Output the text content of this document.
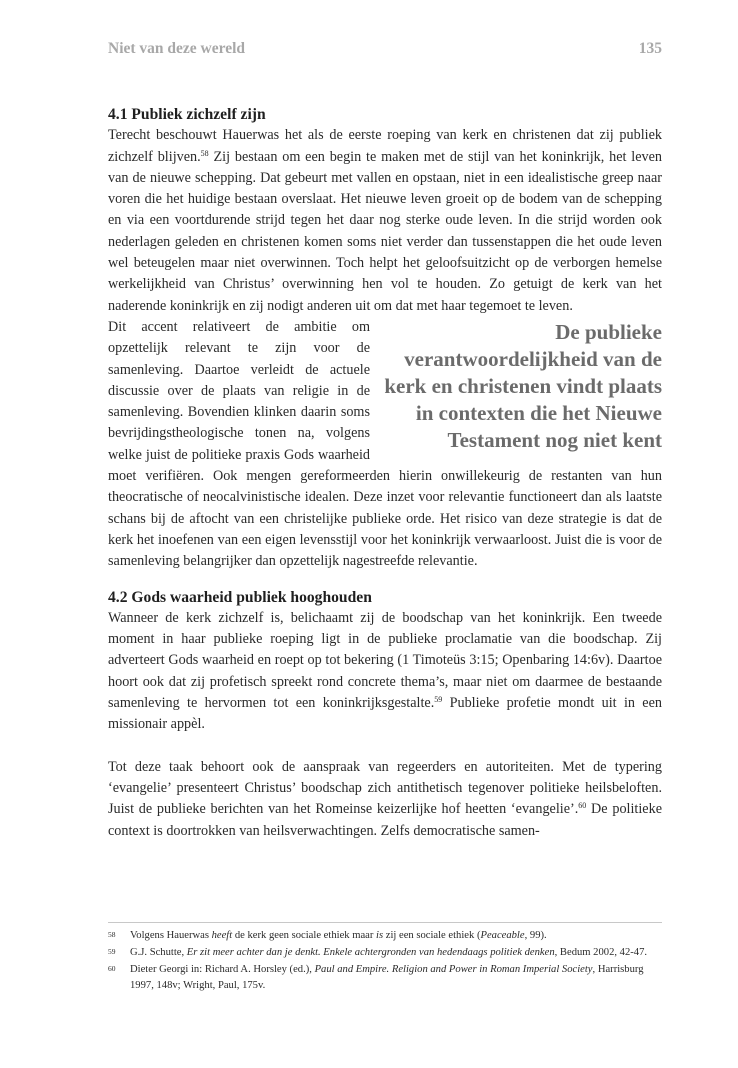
Niet van deze wereld	135
4.1 Publiek zichzelf zijn

Terecht beschouwt Hauerwas het als de eerste roeping van kerk en christenen dat zij publiek zichzelf blijven.$^{58}$ Zij bestaan om een begin te maken met de stijl van het koninkrijk, het leven van de nieuwe schepping. Dat gebeurt met vallen en opstaan, niet in een idealistische greep naar voren die het huidige bestaan overslaat. Het nieuwe leven groeit op de bodem van de schepping en via een voortdurende strijd tegen het daar nog sterke oude leven. In die strijd worden ook nederlagen geleden en christenen komen soms niet verder dan tussenstappen die het oude leven wel beteugelen maar niet overwinnen. Toch helpt het geloofsuitzicht op de verborgen hemelse werkelijkheid van Christus’ overwinning hen vol te houden. Zo getuigt de kerk van het naderende koninkrijk en zij nodigt anderen uit om dat met haar tegemoet te leven.

De publieke verantwoordelijkheid van de kerk en christenen vindt plaats in contexten die het Nieuwe Testament nog niet kent

Dit accent relativeert de ambitie om opzettelijk relevant te zijn voor de samenleving. Daartoe verleidt de actuele discussie over de plaats van religie in de samenleving. Bovendien klinken daarin soms bevrijdingstheologische tonen na, volgens welke juist de politieke praxis Gods waarheid moet verifiëren. Ook mengen gereformeerden hierin onwillekeurig de restanten van hun theocratische of neocalvinistische idealen. Deze inzet voor relevantie functioneert dan als laatste schans bij de aftocht van een christelijke publieke orde. Het risico van deze strategie is dat de kerk het inoefenen van een eigen levensstijl voor het koninkrijk verwaarloost. Juist die is voor de samenleving belangrijker dan opzettelijk nagestreefde relevantie.

4.2 Gods waarheid publiek hooghouden

Wanneer de kerk zichzelf is, belichaamt zij de boodschap van het koninkrijk. Een tweede moment in haar publieke roeping ligt in de publieke proclamatie van die boodschap. Zij adverteert Gods waarheid en roept op tot bekering (1 Timoteüs 3:15; Openbaring 14:6v). Daartoe hoort ook dat zij profetisch spreekt rond concrete thema’s, maar niet om daarmee de bestaande samenleving te hervormen tot een koninkrijksgestalte.$^{59}$ Publieke profetie mondt uit in een missionair appèl.

Tot deze taak behoort ook de aanspraak van regeerders en autoriteiten. Met de typering ‘evangelie’ presenteert Christus’ boodschap zich antithetisch tegenover politieke heilsbeloften. Juist de publieke berichten van het Romeinse keizerlijke hof heetten ‘evangelie’.$^{60}$ De politieke context is doortrokken van heilsverwachtingen. Zelfs democratische samen-

58	Volgens Hauerwas heeft de kerk geen sociale ethiek maar is zij een sociale ethiek (Peaceable, 99).
59	G.J. Schutte, Er zit meer achter dan je denkt. Enkele achtergronden van hedendaags politiek denken, Bedum 2002, 42-47.
60	Dieter Georgi in: Richard A. Horsley (ed.), Paul and Empire. Religion and Power in Roman Imperial Society, Harrisburg 1997, 148v; Wright, Paul, 175v.
